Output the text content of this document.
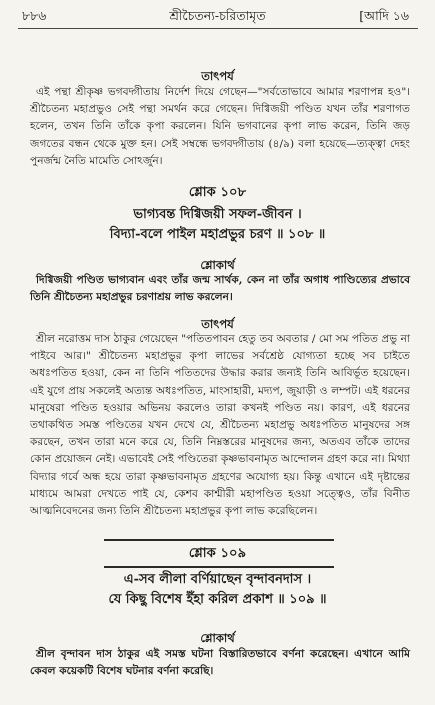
৮৮৬	শ্রীচৈতন্য-চরিতামৃত	[আদি ১৬
তাৎপর্য
এই পন্থা শ্রীকৃষ্ণ ভগবদ্গীতায় নির্দেশ দিয়ে গেছেন—"সর্বতোভাবে আমার শরণাপন্ন হও"। শ্রীচৈতন্য মহাপ্রভুও সেই পন্থা সমর্থন করে গেছেন। দিগ্বিজয়ী পণ্ডিত যখন তাঁর শরণাগত হলেন, তখন তিনি তাঁকে কৃপা করলেন। যিনি ভগবানের কৃপা লাভ করেন, তিনি জড় জগতের বন্ধন থেকে মুক্ত হন। সেই সম্বন্ধে ভগবদ্গীতায় (৪/৯) বলা হয়েছে—ত্যক্ত্বা দেহং পুনর্জন্ম নৈতি মামেতি সোঽর্জুন।
শ্লোক ১০৮
ভাগ্যবন্ত দিগ্বিজয়ী সফল-জীবন ।
বিদ্যা-বলে পাইল মহাপ্রভুর চরণ ॥ ১০৮ ॥
শ্লোকার্থ
দিগ্বিজয়ী পণ্ডিত ভাগ্যবান এবং তাঁর জন্ম সার্থক, কেন না তাঁর অগাধ পাণ্ডিত্যের প্রভাবে তিনি শ্রীচৈতন্য মহাপ্রভুর চরণাশ্রয় লাভ করলেন।
তাৎপর্য
শ্রীল নরোত্তম দাস ঠাকুর গেয়েছেন "পতিতপাবন হেতু তব অবতার / মো সম পতিত প্রভু না পাইবে আর।" শ্রীচৈতন্য মহাপ্রভুর কৃপা লাভের সর্বশ্রেষ্ঠ যোগ্যতা হচ্ছে সব চাইতে অধঃপতিত হওয়া, কেন না তিনি পতিতদের উদ্ধার করার জন্যই তিনি আবির্ভূত হয়েছেন। এই যুগে প্রায় সকলেই অত্যন্ত অধঃপতিত, মাংসাহারী, মদ্যপ, জুয়াড়ী ও লম্পট। এই ধরনের মানুষেরা পণ্ডিত হওয়ার অভিনয় করলেও তারা কখনই পণ্ডিত নয়। কারণ, এই ধরনের তথাকথিত সমস্ত পণ্ডিতের যখন দেখে যে, শ্রীচৈতন্য মহাপ্রভু অধঃপতিত মানুষদের সঙ্গ করছেন, তখন তারা মনে করে যে, তিনি নিম্নস্তরের মানুষদের জন্য, অতএব তাঁকে তাদের কোন প্রয়োজন নেই। এভাবেই সেই পণ্ডিতেরা কৃষ্ণভাবনামৃত আন্দোলন গ্রহণ করে না। মিথ্যা বিদ্যার গর্বে অন্ধ হয়ে তারা কৃষ্ণভাবনামৃত গ্রহণের অযোগ্য হয়। কিন্তু এখানে এই দৃষ্টান্তের মাধ্যমে আমরা দেখতে পাই যে, কেশব কাশ্মীরী মহাপণ্ডিত হওয়া সত্ত্বেও, তাঁর বিনীত আত্মনিবেদনের জন্য তিনি শ্রীচৈতন্য মহাপ্রভুর কৃপা লাভ করেছিলেন।
শ্লোক ১০৯
এ-সব লীলা বর্ণিয়াছেন বৃন্দাবনদাস ।
যে কিছু বিশেষ ইঁহা করিল প্রকাশ ॥ ১০৯ ॥
শ্লোকার্থ
শ্রীল বৃন্দাবন দাস ঠাকুর এই সমস্ত ঘটনা বিস্তারিতভাবে বর্ণনা করেছেন। এখানে আমি কেবল কয়েকটি বিশেষ ঘটনার বর্ণনা করেছি।
